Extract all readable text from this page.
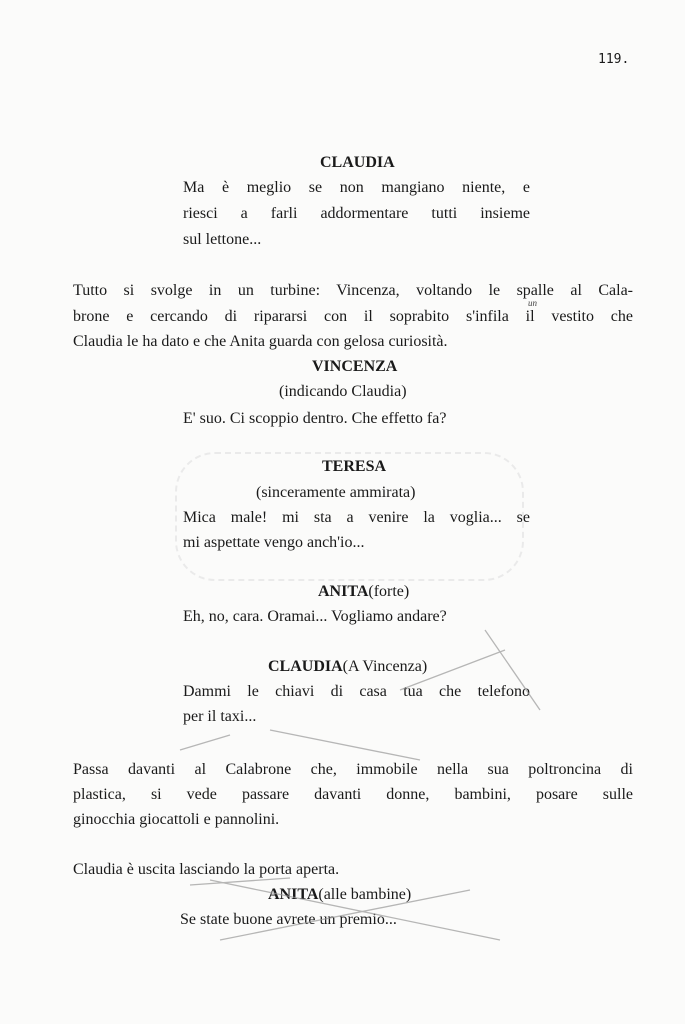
119.
CLAUDIA
Ma è meglio se non mangiano niente, e
riesci a farli addormentare tutti insieme
sul lettone...
Tutto si svolge in un turbine: Vincenza, voltando le spalle al Cala-
brone e cercando di ripararsi con il soprabito s'infila il vestito che
Claudia le ha dato e che Anita guarda con gelosa curiosità.
un
VINCENZA
(indicando Claudia)
E' suo. Ci scoppio dentro. Che effetto fa?
TERESA
(sinceramente ammirata)
Mica male! mi sta a venire la voglia... se
mi aspettate vengo anch'io...
ANITA(forte)
Eh, no, cara. Oramai... Vogliamo andare?
CLAUDIA(A Vincenza)
Dammi le chiavi di casa tua che telefono
per il taxi...
Passa davanti al Calabrone che, immobile nella sua poltroncina di
plastica, si vede passare davanti donne, bambini, posare sulle
ginocchia giocattoli e pannolini.
Claudia è uscita lasciando la porta aperta.
ANITA(alle bambine)
Se state buone avrete un premio...
